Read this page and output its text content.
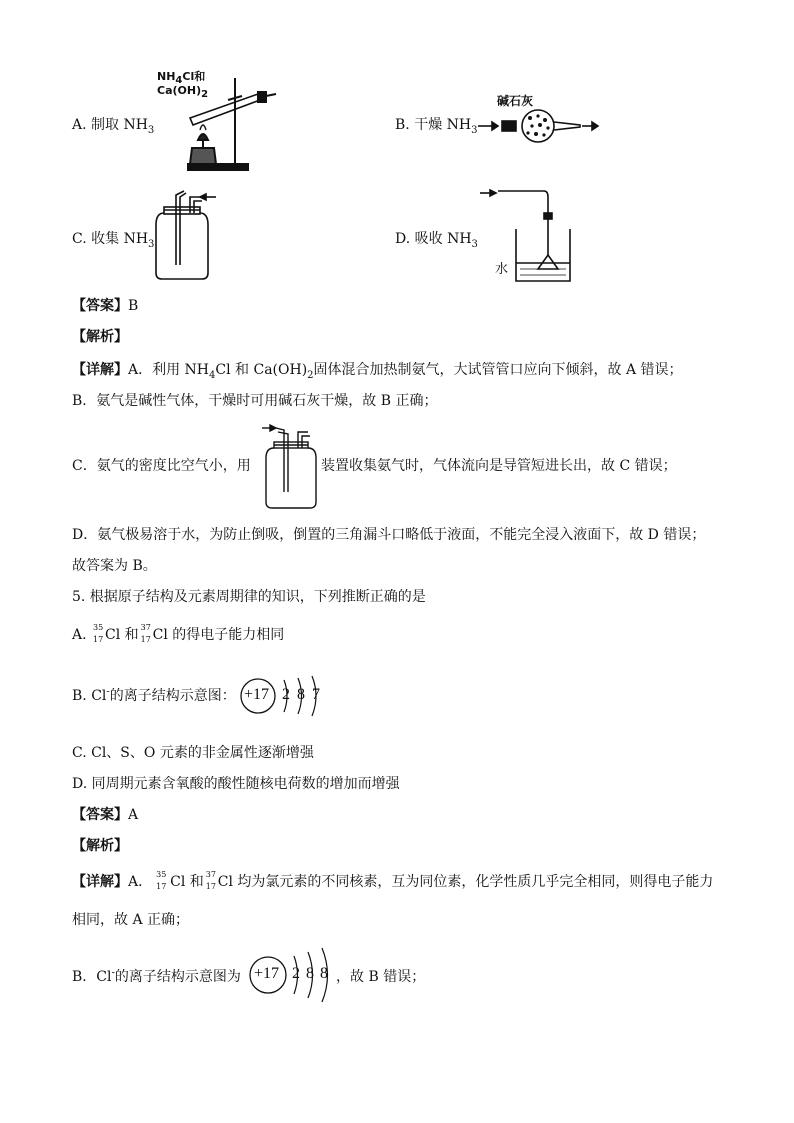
A. 制取 $NH_3$	B. 干燥 $NH_3$
C. 收集 $NH_3$	D. 吸收 $NH_3$
$NH_4Cl$和
$Ca(OH)_2$	碱石灰
水
【答案】B
【解析】
【详解】A．利用 $NH_4Cl$ 和 $Ca(OH)_2$固体混合加热制氨气，大试管管口应向下倾斜，故 A 错误；
B．氨气是碱性气体，干燥时可用碱石灰干燥，故 B 正确；
C．氨气的密度比空气小，用	装置收集氨气时，气体流向是导管短进长出，故 C 错误；
D．氨气极易溶于水，为防止倒吸，倒置的三角漏斗口略低于液面，不能完全浸入液面下，故 D 错误；
故答案为 B。
5. 根据原子结构及元素周期律的知识，下列推断正确的是
A. 35
17 Cl 和 37
17 Cl 的得电子能力相同
B. Cl-的离子结构示意图： +17 2 8 7
C. Cl、S、O 元素的非金属性逐渐增强
D. 同周期元素含氧酸的酸性随核电荷数的增加而增强
【答案】A
【解析】
【详解】A． 35
17 Cl 和 37
17 Cl 均为氯元素的不同核素，互为同位素，化学性质几乎完全相同，则得电子能力
相同，故 A 正确；
B．Cl-的离子结构示意图为 +17 2 8 8 ，故 B 错误；
